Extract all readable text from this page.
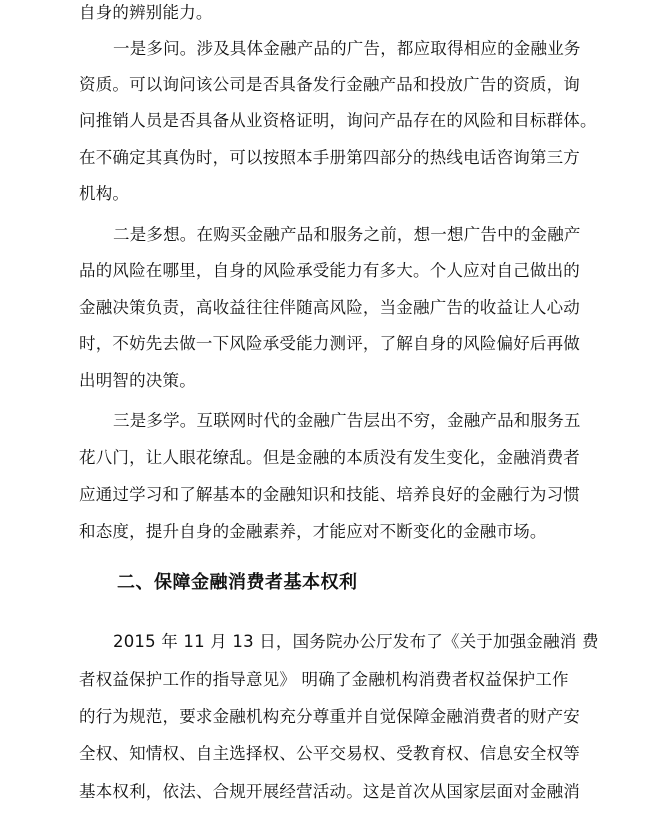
自身的辨别能力。
一是多问。涉及具体金融产品的广告，都应取得相应的金融业务
资质。可以询问该公司是否具备发行金融产品和投放广告的资质，询
问推销人员是否具备从业资格证明，询问产品存在的风险和目标群体。
在不确定其真伪时，可以按照本手册第四部分的热线电话咨询第三方
机构。
二是多想。在购买金融产品和服务之前，想一想广告中的金融产
品的风险在哪里，自身的风险承受能力有多大。个人应对自己做出的
金融决策负责，高收益往往伴随高风险，当金融广告的收益让人心动
时，不妨先去做一下风险承受能力测评，了解自身的风险偏好后再做
出明智的决策。
三是多学。互联网时代的金融广告层出不穷，金融产品和服务五
花八门，让人眼花缭乱。但是金融的本质没有发生变化，金融消费者
应通过学习和了解基本的金融知识和技能、培养良好的金融行为习惯
和态度，提升自身的金融素养，才能应对不断变化的金融市场。
二、保障金融消费者基本权利
2015 年 11 月 13 日，国务院办公厅发布了《关于加强金融消 费
者权益保护工作的指导意见》 明确了金融机构消费者权益保护工作
的行为规范，要求金融机构充分尊重并自觉保障金融消费者的财产安
全权、知情权、自主选择权、公平交易权、受教育权、信息安全权等
基本权利，依法、合规开展经营活动。这是首次从国家层面对金融消
